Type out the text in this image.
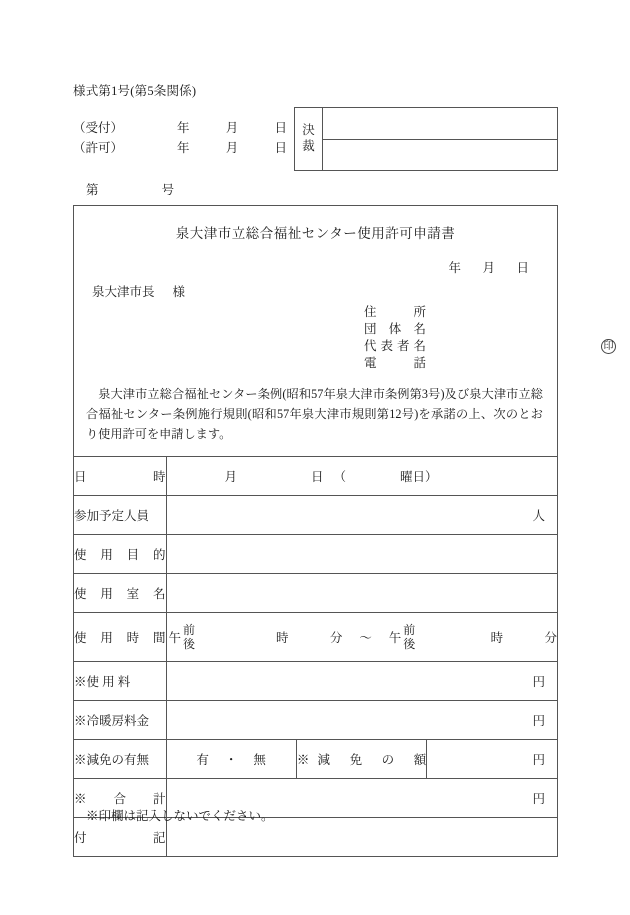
様式第1号(第5条関係)
（受付）	年	月	日
（許可）	年	月	日
第	号
決
裁
泉大津市立総合福祉センター使用許可申請書
年	月	日
泉大津市長 様
住　所
団 体 名
代表者名	印
電　話
泉大津市立総合福祉センター条例(昭和57年泉大津市条例第3号)及び泉大津市立総合福祉センター条例施行規則(昭和57年泉大津市規則第12号)を承諾の上、次のとおり使用許可を申請します。
日　　　時	月 日 （ 曜日）		

参加予定人員	人		

使 用 目 的			
使 用 室 名			
使 用 時 間	午
前
後	時	分 ～ 午
前
後	時	分

※使 用 料	円		

※冷暖房料金	円		

※減免の有無	有 ・ 無	※減 免 の 額	円

※　合　計	円		

付　　　記			
※印欄は記入しないでください。
